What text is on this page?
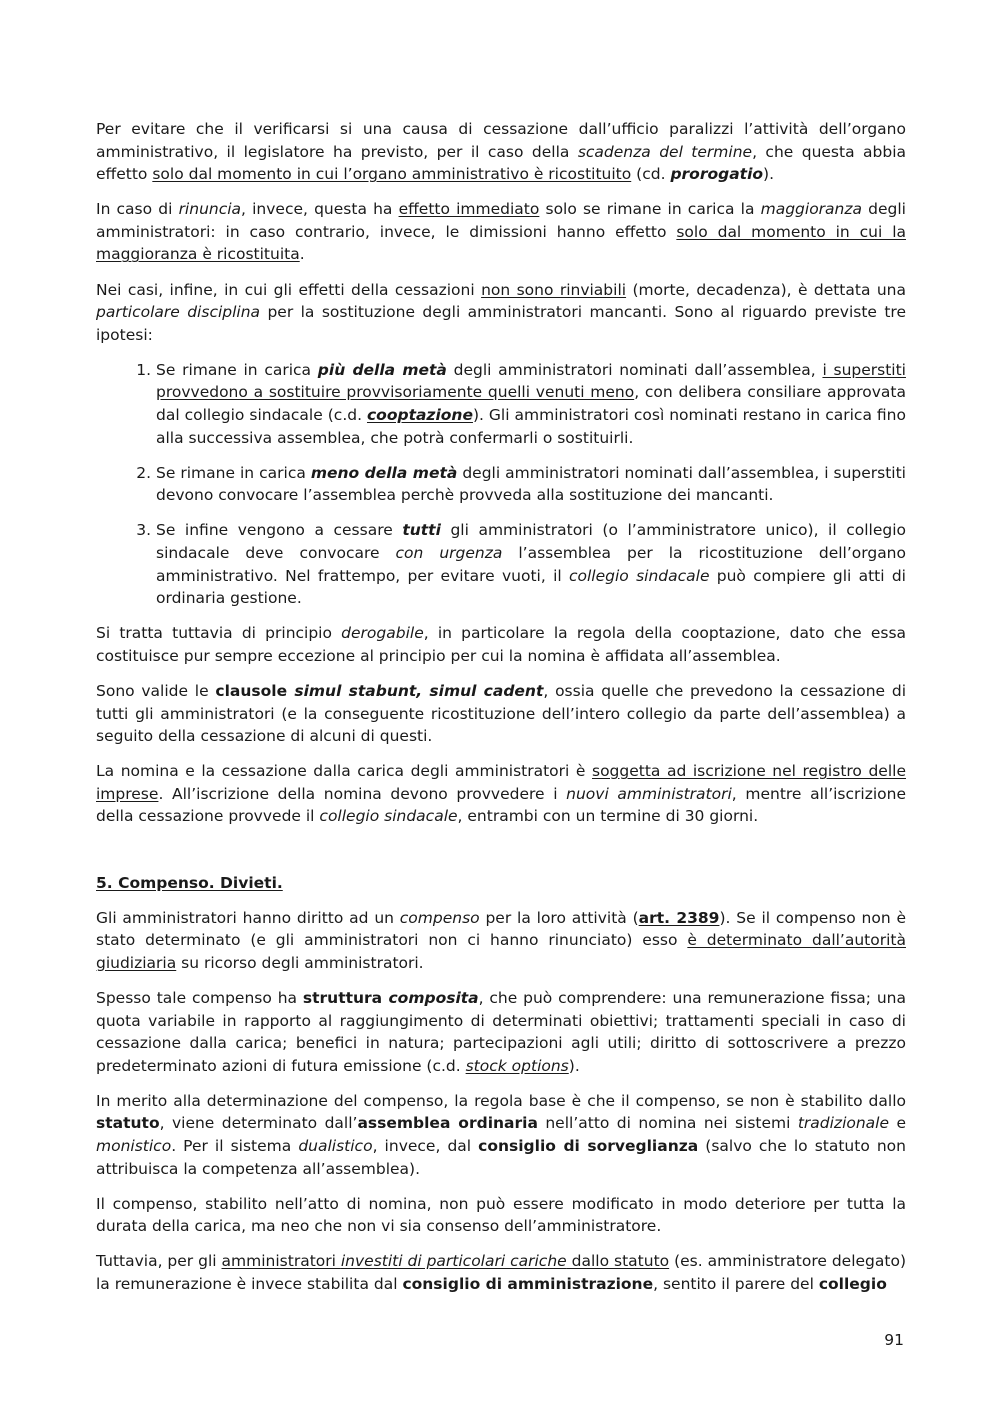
Per evitare che il verificarsi si una causa di cessazione dall’ufficio paralizzi l’attività dell’organo amministrativo, il legislatore ha previsto, per il caso della scadenza del termine, che questa abbia effetto solo dal momento in cui l’organo amministrativo è ricostituito (cd. prorogatio).

In caso di rinuncia, invece, questa ha effetto immediato solo se rimane in carica la maggioranza degli amministratori: in caso contrario, invece, le dimissioni hanno effetto solo dal momento in cui la maggioranza è ricostituita.

Nei casi, infine, in cui gli effetti della cessazioni non sono rinviabili (morte, decadenza), è dettata una particolare disciplina per la sostituzione degli amministratori mancanti. Sono al riguardo previste tre ipotesi:

1. Se rimane in carica più della metà degli amministratori nominati dall’assemblea, i superstiti provvedono a sostituire provvisoriamente quelli venuti meno, con delibera consiliare approvata dal collegio sindacale (c.d. cooptazione). Gli amministratori così nominati restano in carica fino alla successiva assemblea, che potrà confermarli o sostituirli.
2. Se rimane in carica meno della metà degli amministratori nominati dall’assemblea, i superstiti devono convocare l’assemblea perchè provveda alla sostituzione dei mancanti.
3. Se infine vengono a cessare tutti gli amministratori (o l’amministratore unico), il collegio sindacale deve convocare con urgenza l’assemblea per la ricostituzione dell’organo amministrativo. Nel frattempo, per evitare vuoti, il collegio sindacale può compiere gli atti di ordinaria gestione.

Si tratta tuttavia di principio derogabile, in particolare la regola della cooptazione, dato che essa costituisce pur sempre eccezione al principio per cui la nomina è affidata all’assemblea.

Sono valide le clausole simul stabunt, simul cadent, ossia quelle che prevedono la cessazione di tutti gli amministratori (e la conseguente ricostituzione dell’intero collegio da parte dell’assemblea) a seguito della cessazione di alcuni di questi.

La nomina e la cessazione dalla carica degli amministratori è soggetta ad iscrizione nel registro delle imprese. All’iscrizione della nomina devono provvedere i nuovi amministratori, mentre all’iscrizione della cessazione provvede il collegio sindacale, entrambi con un termine di 30 giorni.

5. Compenso. Divieti.

Gli amministratori hanno diritto ad un compenso per la loro attività (art. 2389). Se il compenso non è stato determinato (e gli amministratori non ci hanno rinunciato) esso è determinato dall’autorità giudiziaria su ricorso degli amministratori.

Spesso tale compenso ha struttura composita, che può comprendere: una remunerazione fissa; una quota variabile in rapporto al raggiungimento di determinati obiettivi; trattamenti speciali in caso di cessazione dalla carica; benefici in natura; partecipazioni agli utili; diritto di sottoscrivere a prezzo predeterminato azioni di futura emissione (c.d. stock options).

In merito alla determinazione del compenso, la regola base è che il compenso, se non è stabilito dallo statuto, viene determinato dall’assemblea ordinaria nell’atto di nomina nei sistemi tradizionale e monistico. Per il sistema dualistico, invece, dal consiglio di sorveglianza (salvo che lo statuto non attribuisca la competenza all’assemblea).

Il compenso, stabilito nell’atto di nomina, non può essere modificato in modo deteriore per tutta la durata della carica, ma neo che non vi sia consenso dell’amministratore.

Tuttavia, per gli amministratori investiti di particolari cariche dallo statuto (es. amministratore delegato) la remunerazione è invece stabilita dal consiglio di amministrazione, sentito il parere del collegio

91
